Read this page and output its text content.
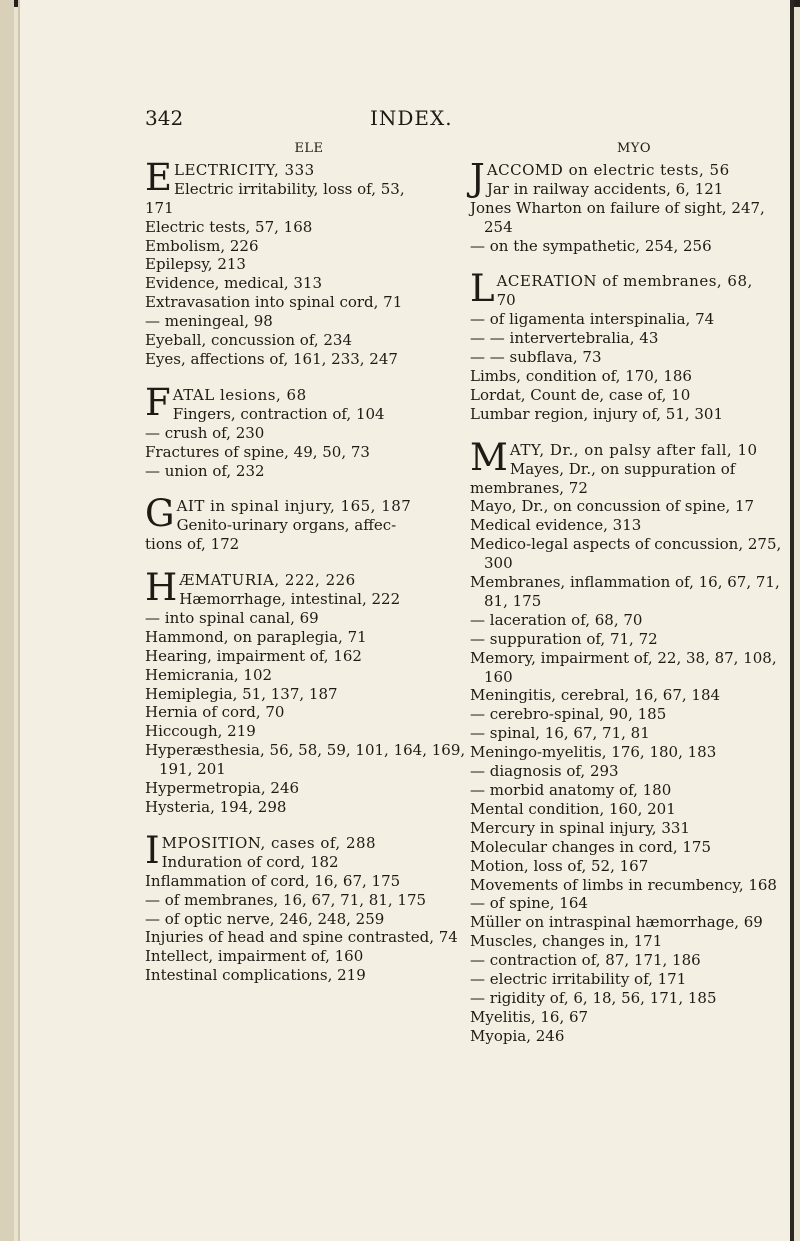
342	INDEX.
ELE
E LECTRICITY, 333
Electric irritability, loss of, 53,
171
Electric tests, 57, 168
Embolism, 226
Epilepsy, 213
Evidence, medical, 313
Extravasation into spinal cord, 71
— meningeal, 98
Eyeball, concussion of, 234
Eyes, affections of, 161, 233, 247
F ATAL lesions, 68
Fingers, contraction of, 104
— crush of, 230
Fractures of spine, 49, 50, 73
— union of, 232
G AIT in spinal injury, 165, 187
Genito-urinary organs, affec-
tions of, 172
H ÆMATURIA, 222, 226
Hæmorrhage, intestinal, 222
— into spinal canal, 69
Hammond, on paraplegia, 71
Hearing, impairment of, 162
Hemicrania, 102
Hemiplegia, 51, 137, 187
Hernia of cord, 70
Hiccough, 219
Hyperæsthesia, 56, 58, 59, 101, 164, 169, 191, 201
Hypermetropia, 246
Hysteria, 194, 298
I MPOSITION, cases of, 288
Induration of cord, 182
Inflammation of cord, 16, 67, 175
— of membranes, 16, 67, 71, 81, 175
— of optic nerve, 246, 248, 259
Injuries of head and spine contrasted, 74
Intellect, impairment of, 160
Intestinal complications, 219
MYO
J ACCOMD on electric tests, 56
Jar in railway accidents, 6, 121
Jones Wharton on failure of sight, 247, 254
— on the sympathetic, 254, 256
L ACERATION of membranes, 68,
70
— of ligamenta interspinalia, 74
— — intervertebralia, 43
— — subflava, 73
Limbs, condition of, 170, 186
Lordat, Count de, case of, 10
Lumbar region, injury of, 51, 301
M ATY, Dr., on palsy after fall, 10
Mayes, Dr., on suppuration of
membranes, 72
Mayo, Dr., on concussion of spine, 17
Medical evidence, 313
Medico-legal aspects of concussion, 275, 300
Membranes, inflammation of, 16, 67, 71, 81, 175
— laceration of, 68, 70
— suppuration of, 71, 72
Memory, impairment of, 22, 38, 87, 108, 160
Meningitis, cerebral, 16, 67, 184
— cerebro-spinal, 90, 185
— spinal, 16, 67, 71, 81
Meningo-myelitis, 176, 180, 183
— diagnosis of, 293
— morbid anatomy of, 180
Mental condition, 160, 201
Mercury in spinal injury, 331
Molecular changes in cord, 175
Motion, loss of, 52, 167
Movements of limbs in recumbency, 168
— of spine, 164
Müller on intraspinal hæmorrhage, 69
Muscles, changes in, 171
— contraction of, 87, 171, 186
— electric irritability of, 171
— rigidity of, 6, 18, 56, 171, 185
Myelitis, 16, 67
Myopia, 246
